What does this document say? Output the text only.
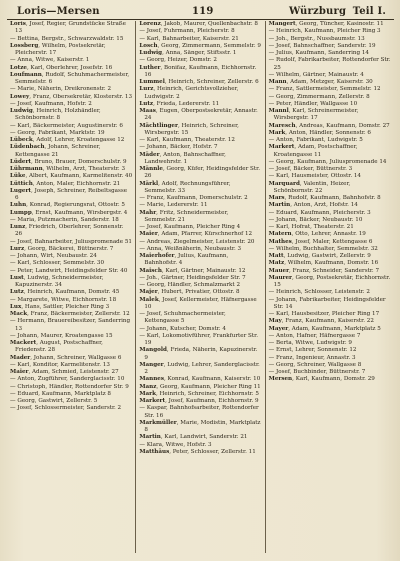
Loris—Mersen	119	Würzburg Teil I.

Loris, Josef, Regier, Grundstücke Straße 13

— Bettina, Bergstr., Schwarzwaldstr. 15

Lossberg, Wilhelm, Postsekretär, Pleicherstr. 17

— Anna, Witwe, Kaiserstr. 1

Lotze, Karl, Oberlehrer, Josefstr. 16

Loufmann, Rudolf, Schuhmachermeister, Semmelstr. 6

— Marie, Näherin, Dreikronenstr. 2

Lowey, Franz, Obersekretär, Klosterstr. 13

— Josef, Kaufmann, Hofstr. 2

Ludwig, Heinrich, Holzhändler, Schönbornstr. 8

— Karl, Bäckermeister, Augustinerstr. 6

— Georg, Fabrikant, Marktstr. 19

Lübeck, Adolf, Lehrer, Kroatengasse 12

Lüdenbach, Johann, Schreiner, Kettengasse 21

Lüdert, Bruno, Brauer, Domerschulstr. 9

Lührmann, Wilhelm, Arzt, Theaterstr. 3

Lüke, Albert, Kaufmann, Karmelitenstr. 40

Lüttich, Anton, Maler, Eichhornstr. 21

Lugert, Joseph, Schreiner, Reibeltsgasse 6

Luhn, Konrad, Regierungsrat, Ottostr. 5

Lumpp, Ernst, Kaufmann, Wirsbergstr. 4

— Maria, Putzmacherin, Sanderstr. 18

Lunz, Friedrich, Oberlehrer, Sonnenstr. 26

— Josef, Bahnarbeiter, Juliuspromenade 51

Lurz, Georg, Bäckerei, Büttnerstr. 7

— Johann, Wirt, Neubaustr. 24

— Karl, Schlosser, Semmelstr. 30

— Peter, Landwirt, Heidingsfelder Str. 40

Lust, Ludwig, Schneidermeister, Kapuzinerstr. 34

Lutz, Heinrich, Kaufmann, Domstr. 45

— Margarete, Witwe, Eichhornstr. 18

Lux, Hans, Sattler, Pleicher Ring 3

Mack, Franz, Bäckermeister, Zellerstr. 12

— Hermann, Brauereibesitzer, Sanderring 13

— Johann, Maurer, Kroatengasse 15

Mackert, August, Postschaffner, Friedenstr. 28

Mader, Johann, Schreiner, Wallgasse 6

— Karl, Konditor, Karmelitenstr. 13

Maier, Adam, Schmied, Leistenstr. 27

— Anton, Zugführer, Sanderglacisstr. 10

— Christoph, Händler, Rottendorfer Str. 9

— Eduard, Kaufmann, Marktplatz 8

— Georg, Gastwirt, Zellerstr. 5

— Josef, Schlossermeister, Sanderstr. 2

Lorenz, Jakob, Maurer, Quellenbachstr. 8

— Josef, Fuhrmann, Pleicherstr. 8

— Karl, Bahnarbeiter, Kaiserstr. 21

Losch, Georg, Zimmermann, Semmelstr. 9

Ludwig, Anna, Sänger, Stiftsstr. 1

— Georg, Heizer, Domstr. 2

Luther, Bonifaz, Kaufmann, Eichhornstr. 16

Lummel, Heinrich, Schreiner, Zellerstr. 6

Lurz, Heinrich, Gerichtsvollzieher, Ludwigstr. 2

Lutz, Frieda, Ledererstr. 11

Maas, Eugen, Oberpostsekretär, Annastr. 24

Mächtlinger, Heinrich, Schreiner, Wirsbergstr. 15

— Karl, Kaufmann, Theaterstr. 12

— Johann, Bäcker, Hofstr. 7

Mäder, Anton, Bahnschaffner, Landwehrstr. 1

Männle, Georg, Küfer, Heidingsfelder Str. 26

Märkl, Adolf, Rechnungsführer, Semmelstr. 33

— Franz, Kaufmann, Domerschulstr. 2

— Marie, Ledererstr. 11

Mahr, Fritz, Schneidermeister, Semmelstr. 21

— Josef, Kaufmann, Pleicher Ring 4

Maier, Adam, Pfarrer, Kürschnerhof 12

— Andreas, Ziegelmeister, Leistenstr. 20

— Anna, Weißnäherin, Neubaustr. 3

Maierhofer, Julius, Kaufmann, Bahnhofstr. 4

Maisch, Karl, Gärtner, Mainaustr. 12

— Joh., Gärtner, Heidingsfelder Str. 7

— Georg, Händler, Schmalzmarkt 2

Majer, Hubert, Privatier, Ottostr. 8

Malek, Josef, Kellermeister, Häfnergasse 10

— Josef, Schuhmachermeister, Kettengasse 5

— Johann, Kutscher, Domstr. 4

— Karl, Lokomotivführer, Frankfurter Str. 19

Mangold, Frieda, Näherin, Kapuzinerstr. 9

Manger, Ludwig, Lehrer, Sanderglacisstr. 2

Mannes, Konrad, Kaufmann, Kaiserstr. 10

Manz, Georg, Kaufmann, Pleicher Ring 11

Mark, Heinrich, Schreiner, Eichhornstr. 5

Markert, Josef, Kaufmann, Eichhornstr. 9

— Kaspar, Bahnhofsarbeiter, Rottendorfer Str. 16

Markmüller, Marie, Modistin, Marktplatz 8

Martin, Karl, Landwirt, Sanderstr. 21

— Klara, Witwe, Hofstr. 3

Matthäus, Peter, Schlosser, Zellerstr. 11

Mangert, Georg, Tüncher, Kasinostr. 11

— Heinrich, Kaufmann, Pleicher Ring 3

— Joh., Bergstr., Nussbaumstr. 13

— Josef, Bahnschaffner, Sanderstr. 19

— Julius, Kaufmann, Sanderring 14

— Rudolf, Fabrikarbeiter, Rottendorfer Str. 25

— Wilhelm, Gärtner, Mainaustr. 4

Mann, Adam, Metzger, Kaiserstr. 30

— Franz, Sattlermeister, Semmelstr. 12

— Georg, Zimmermann, Zellerstr. 8

— Peter, Händler, Wallgasse 10

Mannl, Karl, Schreinermeister, Wirsbergstr. 17

Maresch, Andreas, Kaufmann, Domstr. 27

Mark, Anton, Händler, Sonnenstr. 6

— Anton, Fabrikant, Ludwigstr. 5

Markert, Adam, Postschaffner, Kroatengasse 11

— Georg, Kaufmann, Juliuspromenade 14

— Josef, Bäcker, Büttnerstr. 3

— Karl, Hausmeister, Ottostr. 14

Marquard, Valentin, Heizer, Schönbornstr. 22

Mars, Rudolf, Kaufmann, Bahnhofstr. 8

Martin, Anton, Arzt, Hofstr. 14

— Eduard, Kaufmann, Pleicherstr. 3

— Johann, Bäcker, Neubaustr. 10

— Karl, Hofrat, Theaterstr. 21

Matern, Otto, Lehrer, Annastr. 19

Mathes, Josef, Maler, Kettengasse 6

— Wilhelm, Buchhalter, Semmelstr. 32

Matt, Ludwig, Gastwirt, Zellerstr. 9

Matz, Wilhelm, Kaufmann, Domstr. 16

Mauer, Franz, Schneider, Sanderstr. 7

Maurer, Georg, Postsekretär, Eichhornstr. 15

— Heinrich, Schlosser, Leistenstr. 2

— Johann, Fabrikarbeiter, Heidingsfelder Str. 14

— Karl, Hausbesitzer, Pleicher Ring 17

May, Franz, Kaufmann, Kaiserstr. 22

Mayer, Adam, Kaufmann, Marktplatz 5

— Anton, Hafner, Häfnergasse 7

— Berta, Witwe, Ludwigstr. 9

— Ernst, Lehrer, Sonnenstr. 12

— Franz, Ingenieur, Annastr. 3

— Georg, Schreiner, Wallgasse 8

— Josef, Buchbinder, Büttnerstr. 7

Mersen, Karl, Kaufmann, Domstr. 29
